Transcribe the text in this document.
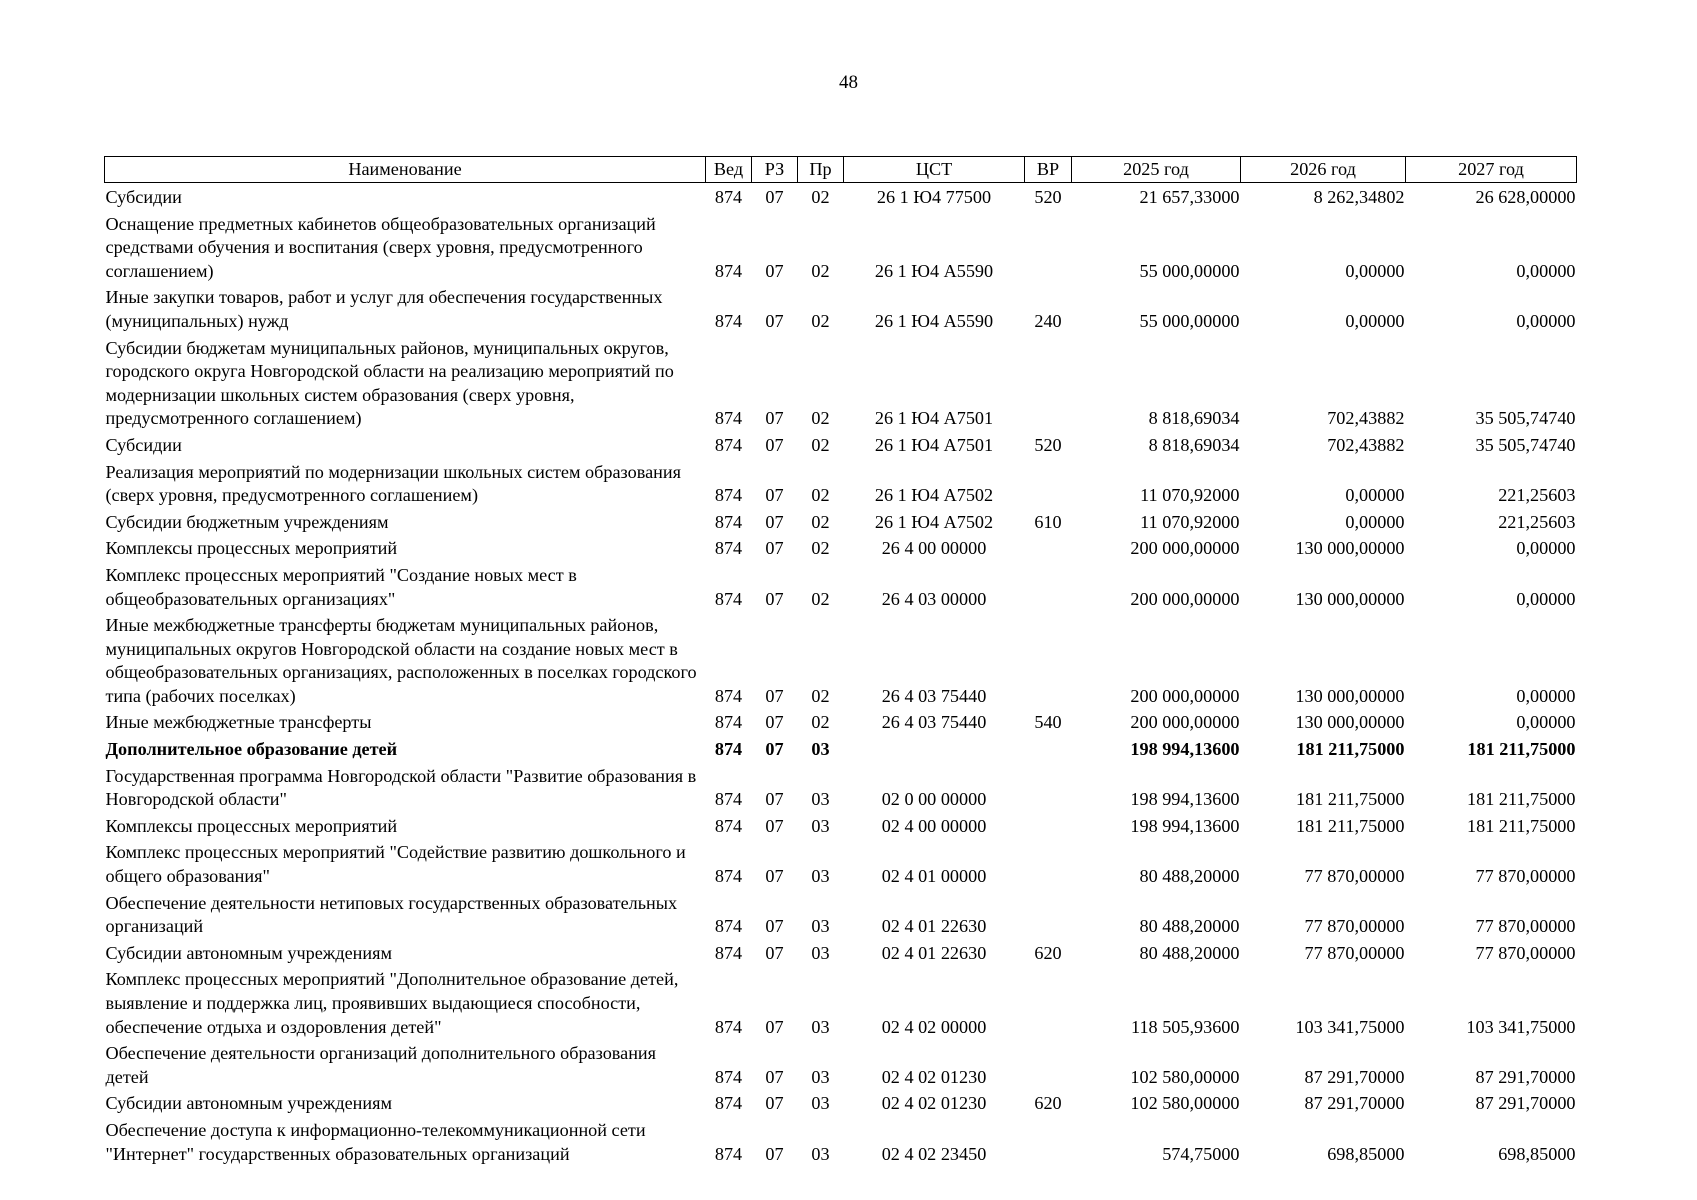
48
Наименование	Вед	РЗ	Пр	ЦСТ	ВР	2025 год	2026 год	2027 год
Субсидии	874	07	02	26 1 Ю4 77500	520	21 657,33000	8 262,34802	26 628,00000
Оснащение предметных кабинетов общеобразовательных организаций средствами обучения и воспитания (сверх уровня, предусмотренного соглашением)	874	07	02	26 1 Ю4 А5590		55 000,00000	0,00000	0,00000
Иные закупки товаров, работ и услуг для обеспечения государственных (муниципальных) нужд	874	07	02	26 1 Ю4 А5590	240	55 000,00000	0,00000	0,00000
Субсидии бюджетам муниципальных районов, муниципальных округов, городского округа Новгородской области на реализацию мероприятий по модернизации школьных систем образования (сверх уровня, предусмотренного соглашением)	874	07	02	26 1 Ю4 А7501		8 818,69034	702,43882	35 505,74740
Субсидии	874	07	02	26 1 Ю4 А7501	520	8 818,69034	702,43882	35 505,74740
Реализация мероприятий по модернизации школьных систем образования (сверх уровня, предусмотренного соглашением)	874	07	02	26 1 Ю4 А7502		11 070,92000	0,00000	221,25603
Субсидии бюджетным учреждениям	874	07	02	26 1 Ю4 А7502	610	11 070,92000	0,00000	221,25603
Комплексы процессных мероприятий	874	07	02	26 4 00 00000		200 000,00000	130 000,00000	0,00000
Комплекс процессных мероприятий "Создание новых мест в общеобразовательных организациях"	874	07	02	26 4 03 00000		200 000,00000	130 000,00000	0,00000
Иные межбюджетные трансферты бюджетам муниципальных районов, муниципальных округов Новгородской области на создание новых мест в общеобразовательных организациях, расположенных в поселках городского типа (рабочих поселках)	874	07	02	26 4 03 75440		200 000,00000	130 000,00000	0,00000
Иные межбюджетные трансферты	874	07	02	26 4 03 75440	540	200 000,00000	130 000,00000	0,00000
Дополнительное образование детей	874	07	03			198 994,13600	181 211,75000	181 211,75000
Государственная программа Новгородской области "Развитие образования в Новгородской области"	874	07	03	02 0 00 00000		198 994,13600	181 211,75000	181 211,75000
Комплексы процессных мероприятий	874	07	03	02 4 00 00000		198 994,13600	181 211,75000	181 211,75000
Комплекс процессных мероприятий "Содействие развитию дошкольного и общего образования"	874	07	03	02 4 01 00000		80 488,20000	77 870,00000	77 870,00000
Обеспечение деятельности нетиповых государственных образовательных организаций	874	07	03	02 4 01 22630		80 488,20000	77 870,00000	77 870,00000
Субсидии автономным учреждениям	874	07	03	02 4 01 22630	620	80 488,20000	77 870,00000	77 870,00000
Комплекс процессных мероприятий "Дополнительное образование детей, выявление и поддержка лиц, проявивших выдающиеся способности, обеспечение отдыха и оздоровления детей"	874	07	03	02 4 02 00000		118 505,93600	103 341,75000	103 341,75000
Обеспечение деятельности организаций дополнительного образования детей	874	07	03	02 4 02 01230		102 580,00000	87 291,70000	87 291,70000
Субсидии автономным учреждениям	874	07	03	02 4 02 01230	620	102 580,00000	87 291,70000	87 291,70000
Обеспечение доступа к информационно-телекоммуникационной сети "Интернет" государственных образовательных организаций	874	07	03	02 4 02 23450		574,75000	698,85000	698,85000
